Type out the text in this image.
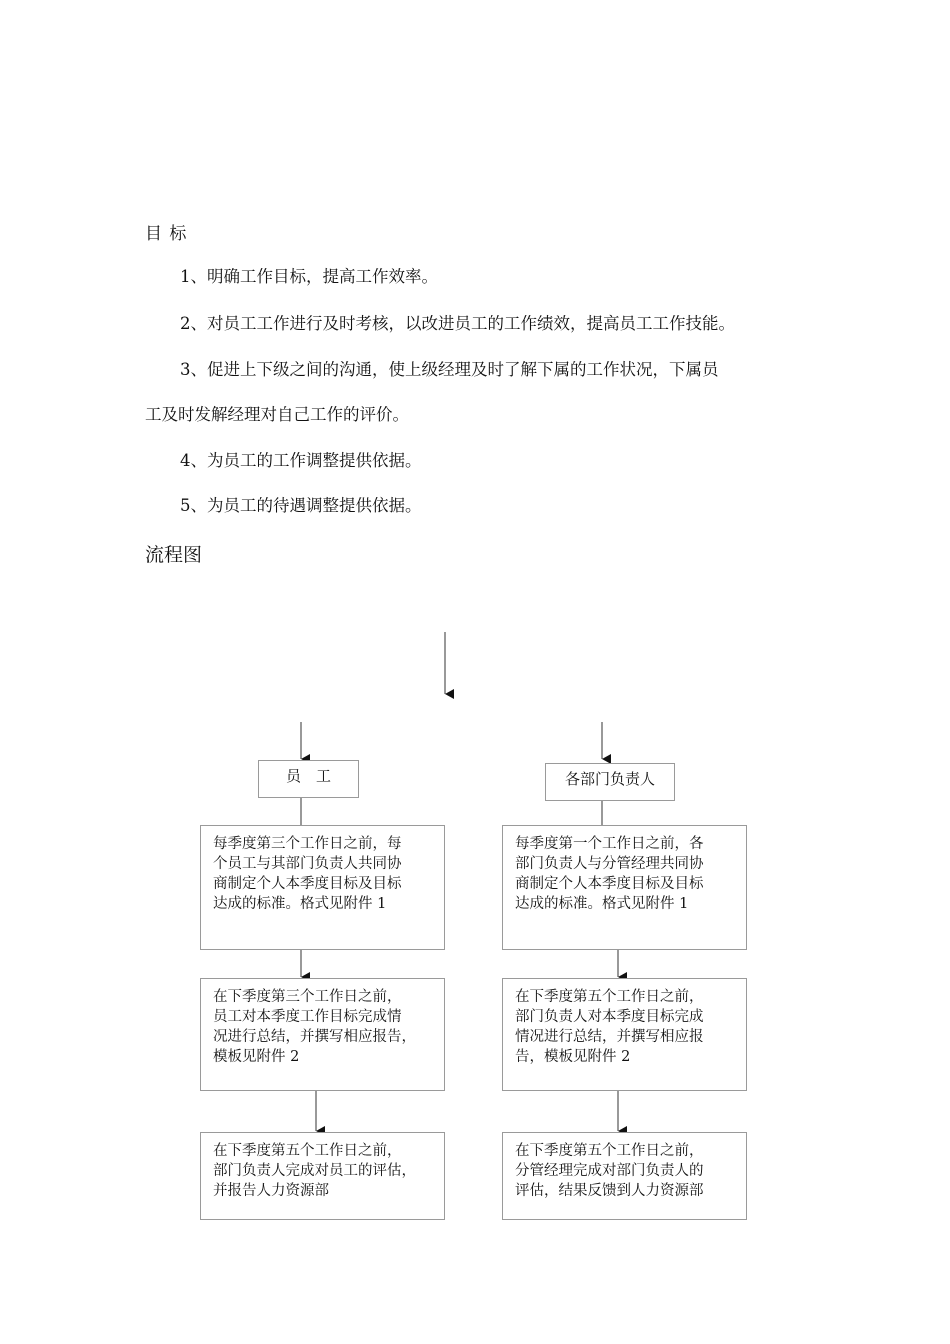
目 标
1、明确工作目标，提高工作效率。
2、对员工工作进行及时考核，以改进员工的工作绩效，提高员工工作技能。
3、促进上下级之间的沟通，使上级经理及时了解下属的工作状况，下属员
工及时发解经理对自己工作的评价。
4、为员工的工作调整提供依据。
5、为员工的待遇调整提供依据。
流程图
员　工	各部门负责人
每季度第三个工作日之前，每
个员工与其部门负责人共同协
商制定个人本季度目标及目标
达成的标准。格式见附件 1
在下季度第三个工作日之前，
员工对本季度工作目标完成情
况进行总结，并撰写相应报告，
模板见附件 2
在下季度第五个工作日之前，
部门负责人完成对员工的评估，
并报告人力资源部
每季度第一个工作日之前，各
部门负责人与分管经理共同协
商制定个人本季度目标及目标
达成的标准。格式见附件 1
在下季度第五个工作日之前，
部门负责人对本季度目标完成
情况进行总结，并撰写相应报
告，模板见附件 2
在下季度第五个工作日之前，
分管经理完成对部门负责人的
评估，结果反馈到人力资源部
